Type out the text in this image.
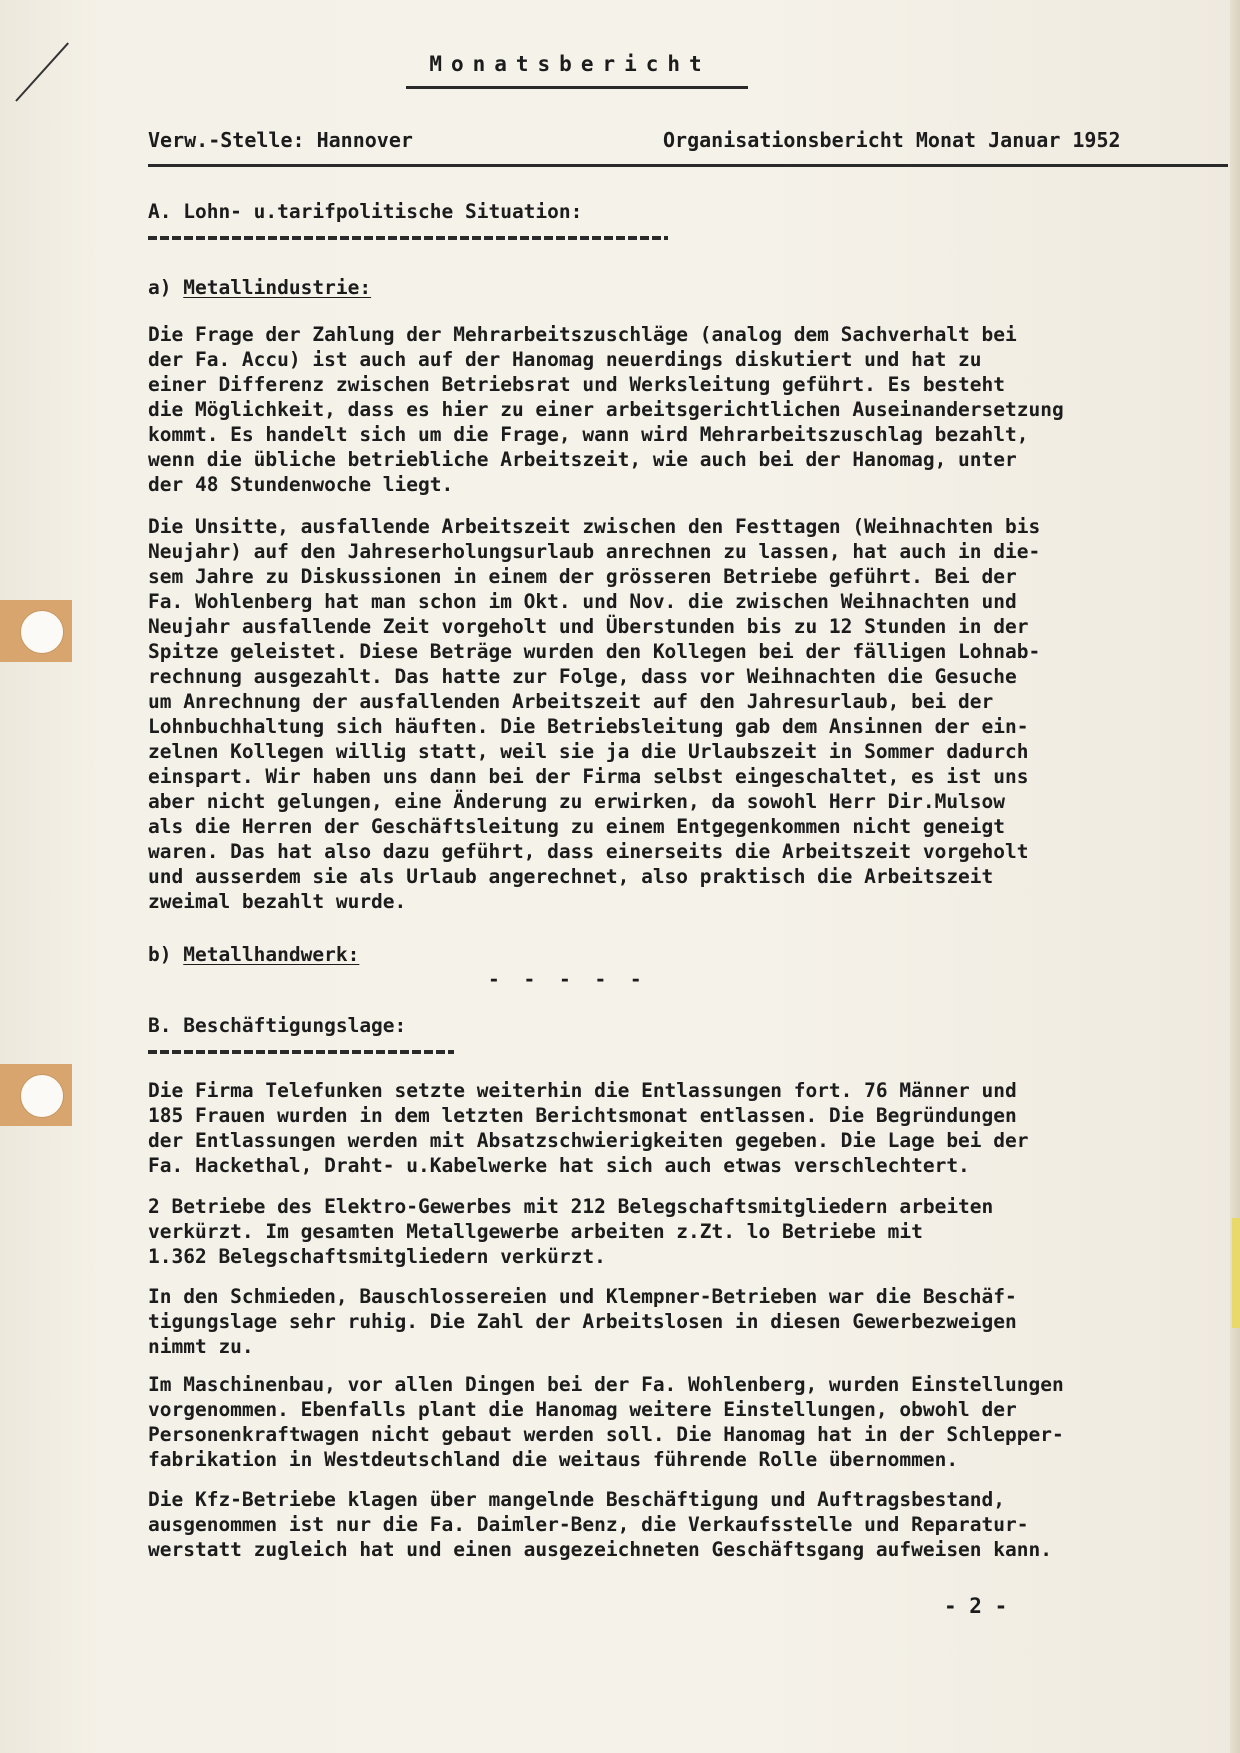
Monatsbericht
Verw.-Stelle: Hannover	Organisationsbericht Monat Januar 1952
A. Lohn- u.tarifpolitische Situation:
a) Metallindustrie:
Die Frage der Zahlung der Mehrarbeitszuschläge (analog dem Sachverhalt bei
der Fa. Accu) ist auch auf der Hanomag neuerdings diskutiert und hat zu
einer Differenz zwischen Betriebsrat und Werksleitung geführt. Es besteht
die Möglichkeit, dass es hier zu einer arbeitsgerichtlichen Auseinandersetzung
kommt. Es handelt sich um die Frage, wann wird Mehrarbeitszuschlag bezahlt,
wenn die übliche betriebliche Arbeitszeit, wie auch bei der Hanomag, unter
der 48 Stundenwoche liegt.
Die Unsitte, ausfallende Arbeitszeit zwischen den Festtagen (Weihnachten bis
Neujahr) auf den Jahreserholungsurlaub anrechnen zu lassen, hat auch in die-
sem Jahre zu Diskussionen in einem der grösseren Betriebe geführt. Bei der
Fa. Wohlenberg hat man schon im Okt. und Nov. die zwischen Weihnachten und
Neujahr ausfallende Zeit vorgeholt und Überstunden bis zu 12 Stunden in der
Spitze geleistet. Diese Beträge wurden den Kollegen bei der fälligen Lohnab-
rechnung ausgezahlt. Das hatte zur Folge, dass vor Weihnachten die Gesuche
um Anrechnung der ausfallenden Arbeitszeit auf den Jahresurlaub, bei der
Lohnbuchhaltung sich häuften. Die Betriebsleitung gab dem Ansinnen der ein-
zelnen Kollegen willig statt, weil sie ja die Urlaubszeit in Sommer dadurch
einspart. Wir haben uns dann bei der Firma selbst eingeschaltet, es ist uns
aber nicht gelungen, eine Änderung zu erwirken, da sowohl Herr Dir.Mulsow
als die Herren der Geschäftsleitung zu einem Entgegenkommen nicht geneigt
waren. Das hat also dazu geführt, dass einerseits die Arbeitszeit vorgeholt
und ausserdem sie als Urlaub angerechnet, also praktisch die Arbeitszeit
zweimal bezahlt wurde.
b) Metallhandwerk:
- - - - -
B. Beschäftigungslage:
Die Firma Telefunken setzte weiterhin die Entlassungen fort. 76 Männer und
185 Frauen wurden in dem letzten Berichtsmonat entlassen. Die Begründungen
der Entlassungen werden mit Absatzschwierigkeiten gegeben. Die Lage bei der
Fa. Hackethal, Draht- u.Kabelwerke hat sich auch etwas verschlechtert.
2 Betriebe des Elektro-Gewerbes mit 212 Belegschaftsmitgliedern arbeiten
verkürzt. Im gesamten Metallgewerbe arbeiten z.Zt. lo Betriebe mit
1.362 Belegschaftsmitgliedern verkürzt.
In den Schmieden, Bauschlossereien und Klempner-Betrieben war die Beschäf-
tigungslage sehr ruhig. Die Zahl der Arbeitslosen in diesen Gewerbezweigen
nimmt zu.
Im Maschinenbau, vor allen Dingen bei der Fa. Wohlenberg, wurden Einstellungen
vorgenommen. Ebenfalls plant die Hanomag weitere Einstellungen, obwohl der
Personenkraftwagen nicht gebaut werden soll. Die Hanomag hat in der Schlepper-
fabrikation in Westdeutschland die weitaus führende Rolle übernommen.
Die Kfz-Betriebe klagen über mangelnde Beschäftigung und Auftragsbestand,
ausgenommen ist nur die Fa. Daimler-Benz, die Verkaufsstelle und Reparatur-
werstatt zugleich hat und einen ausgezeichneten Geschäftsgang aufweisen kann.
- 2 -
